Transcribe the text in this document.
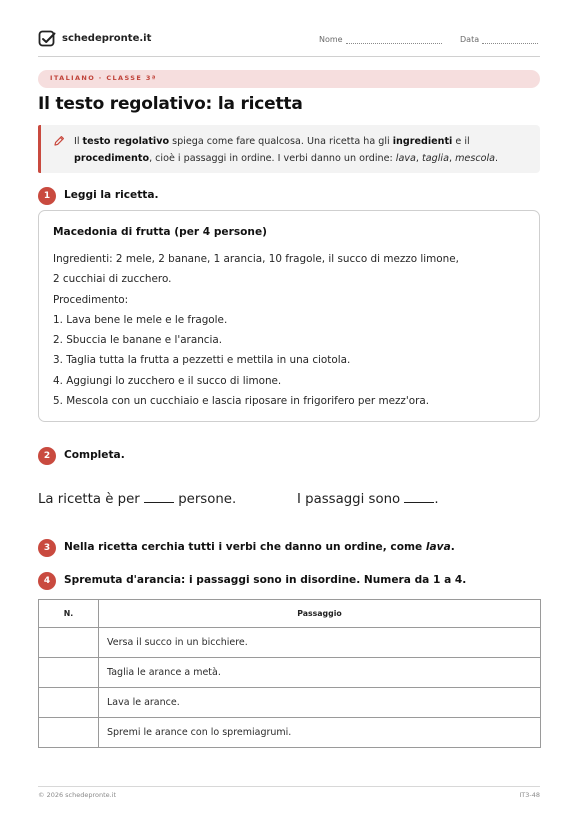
schedepronte.it	Nome	Data
ITALIANO · CLASSE 3ª
Il testo regolativo: la ricetta
Il testo regolativo spiega come fare qualcosa. Una ricetta ha gli ingredienti e il procedimento, cioè i passaggi in ordine. I verbi danno un ordine: lava, taglia, mescola.
1	Leggi la ricetta.
Macedonia di frutta (per 4 persone)
Ingredienti: 2 mele, 2 banane, 1 arancia, 10 fragole, il succo di mezzo limone,
2 cucchiai di zucchero.
Procedimento:
1. Lava bene le mele e le fragole.
2. Sbuccia le banane e l'arancia.
3. Taglia tutta la frutta a pezzetti e mettila in una ciotola.
4. Aggiungi lo zucchero e il succo di limone.
5. Mescola con un cucchiaio e lascia riposare in frigorifero per mezz'ora.
2	Completa.
La ricetta è per  persone.	I passaggi sono .
3	Nella ricetta cerchia tutti i verbi che danno un ordine, come lava.
4	Spremuta d'arancia: i passaggi sono in disordine. Numera da 1 a 4.
N.	Passaggio
	Versa il succo in un bicchiere.
	Taglia le arance a metà.
	Lava le arance.
	Spremi le arance con lo spremiagrumi.
© 2026 schedepronte.it	IT3-48
